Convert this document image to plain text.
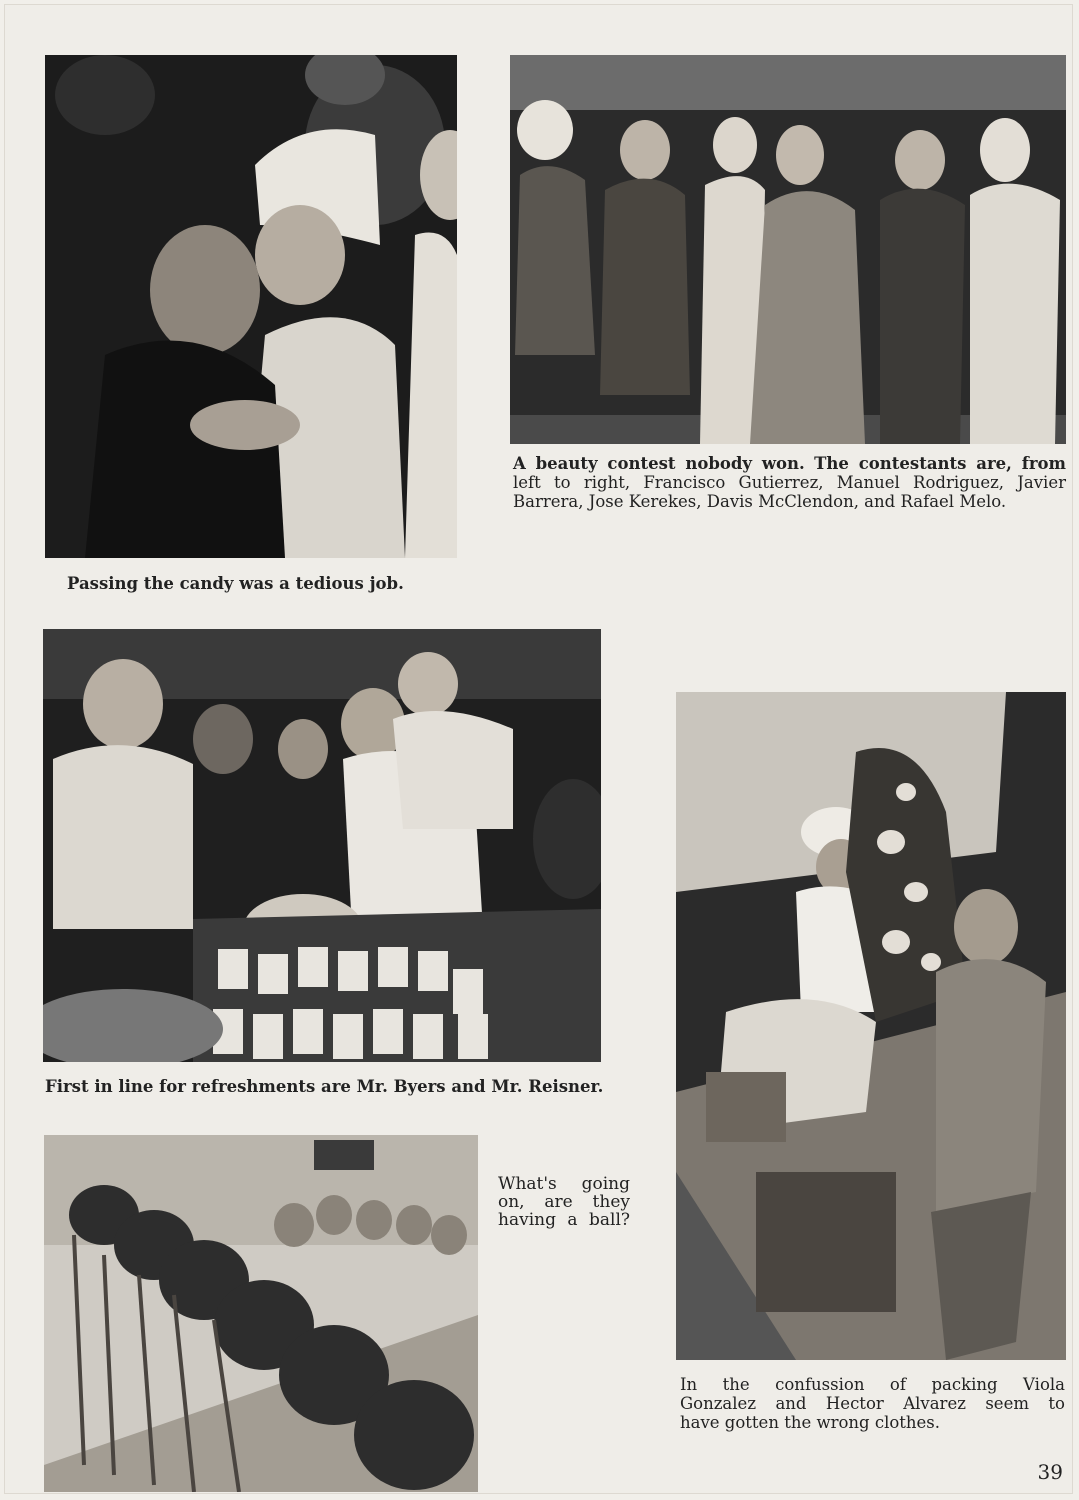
Passing the candy was a tedious job.
A beauty contest nobody won. The contestants are, from
left to right, Francisco Gutierrez, Manuel Rodriguez, Javier
Barrera, Jose Kerekes, Davis McClendon, and Rafael Melo.
First in line for refreshments are Mr. Byers and Mr. Reisner.
What's going
on, are they
having a ball?
In the confussion of packing Viola
Gonzalez and Hector Alvarez seem to
have gotten the wrong clothes.
39
